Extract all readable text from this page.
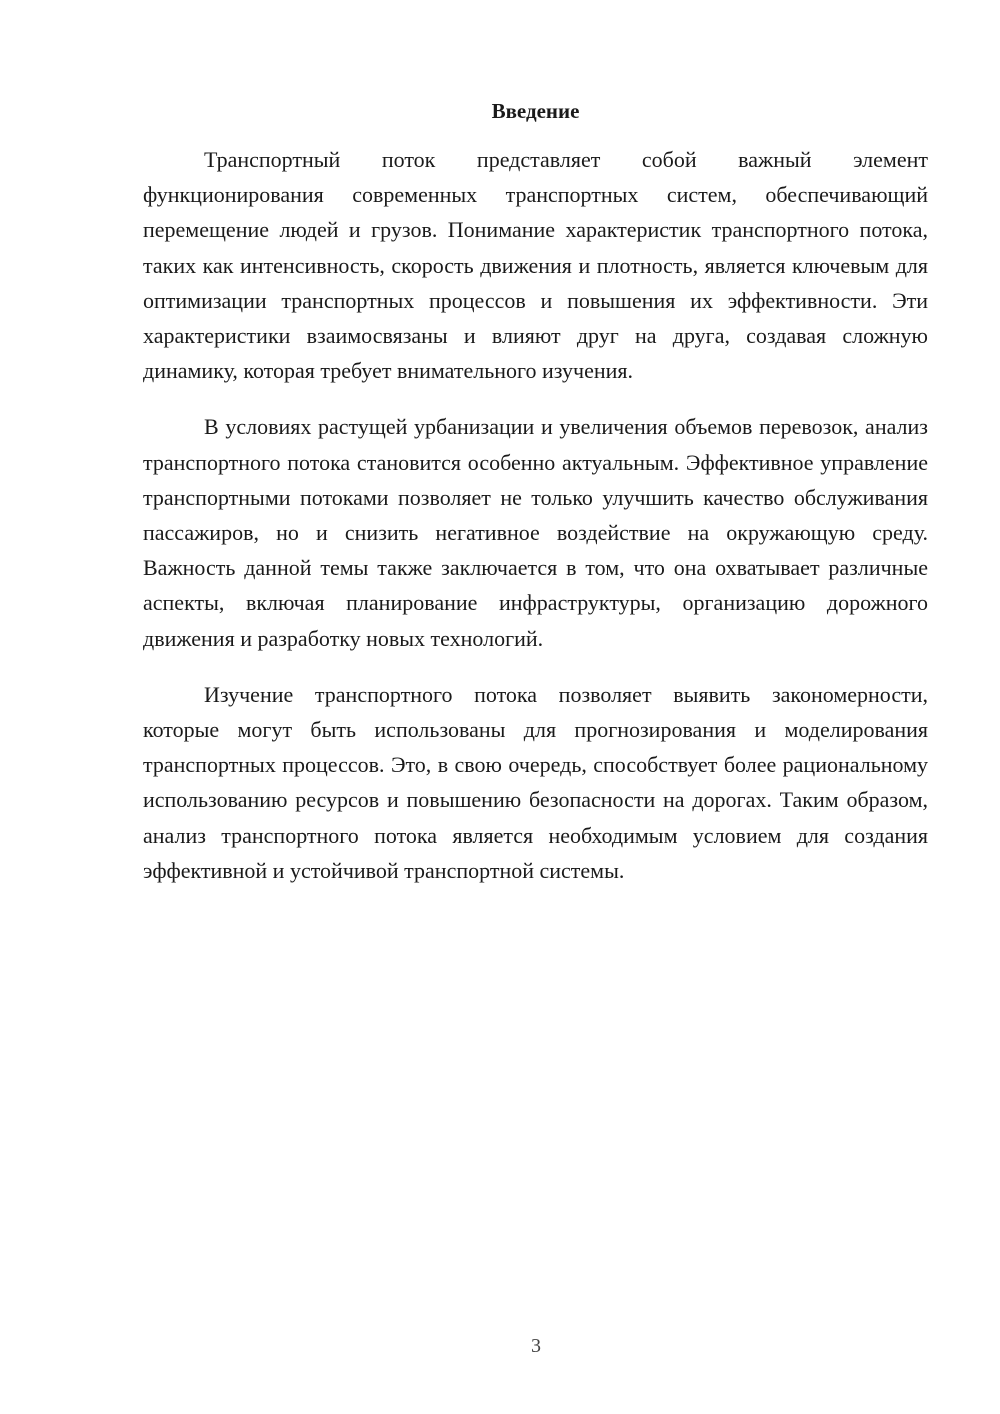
Введение

Транспортный поток представляет собой важный элемент функционирования современных транспортных систем, обеспечивающий перемещение людей и грузов. Понимание характеристик транспортного потока, таких как интенсивность, скорость движения и плотность, является ключевым для оптимизации транспортных процессов и повышения их эффективности. Эти характеристики взаимосвязаны и влияют друг на друга, создавая сложную динамику, которая требует внимательного изучения.

В условиях растущей урбанизации и увеличения объемов перевозок, анализ транспортного потока становится особенно актуальным. Эффективное управление транспортными потоками позволяет не только улучшить качество обслуживания пассажиров, но и снизить негативное воздействие на окружающую среду. Важность данной темы также заключается в том, что она охватывает различные аспекты, включая планирование инфраструктуры, организацию дорожного движения и разработку новых технологий.

Изучение транспортного потока позволяет выявить закономерности, которые могут быть использованы для прогнозирования и моделирования транспортных процессов. Это, в свою очередь, способствует более рациональному использованию ресурсов и повышению безопасности на дорогах. Таким образом, анализ транспортного потока является необходимым условием для создания эффективной и устойчивой транспортной системы.

3
